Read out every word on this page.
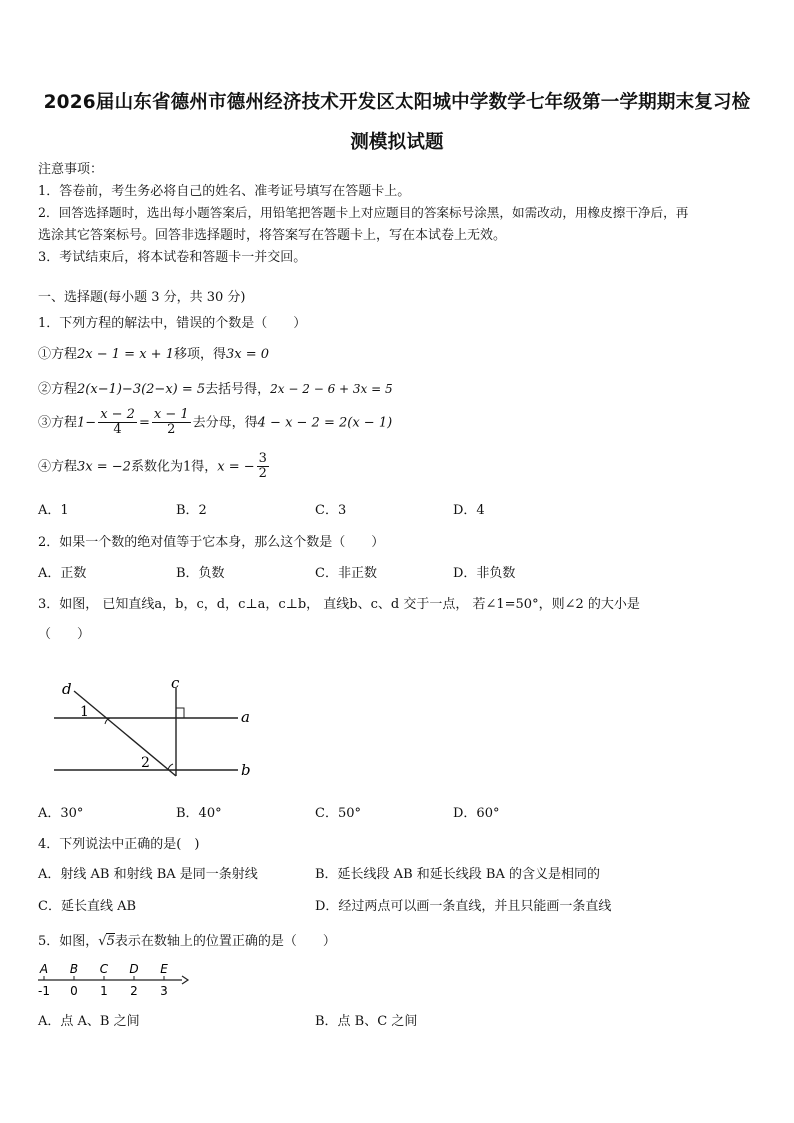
2026届山东省德州市德州经济技术开发区太阳城中学数学七年级第一学期期末复习检
测模拟试题
注意事项：
1．答卷前，考生务必将自己的姓名、准考证号填写在答题卡上。
2．回答选择题时，选出每小题答案后，用铅笔把答题卡上对应题目的答案标号涂黑，如需改动，用橡皮擦干净后，再
选涂其它答案标号。回答非选择题时，将答案写在答题卡上，写在本试卷上无效。
3．考试结束后，将本试卷和答题卡一并交回。
一、选择题(每小题 3 分，共 30 分)
1．下列方程的解法中，错误的个数是（　　）
①方程2x − 1 = x + 1移项，得3x = 0
②方程2(x−1)−3(2−x) = 5去括号得，2x − 2 − 6 + 3x = 5
③方程$1- \frac{x - 2}{4} = \frac{x - 1}{2}$ 去分母，得4 − x − 2 = 2(x − 1)
④方程3x = −2系数化为1得，x = − $\frac{3}{2}$
A．1	B．2	C．3	D．4
2．如果一个数的绝对值等于它本身，那么这个数是（　　）
A．正数	B．负数	C．非正数	D．非负数
3．如图， 已知直线a，b，c，d，c⊥a，c⊥b， 直线b、c、d 交于一点， 若∠1=50°，则∠2 的大小是
（　　）
d	c
a
b
1
2
A．30°	B．40°	C．50°	D．60°
4．下列说法中正确的是(　)
A．射线 AB 和射线 BA 是同一条射线	B．延长线段 AB 和延长线段 BA 的含义是相同的
C．延长直线 AB	D．经过两点可以画一条直线，并且只能画一条直线
5．如图，√5表示在数轴上的位置正确的是（　　）
A B C D E
-1 0 1 2 3
A．点 A、B 之间	B．点 B、C 之间
